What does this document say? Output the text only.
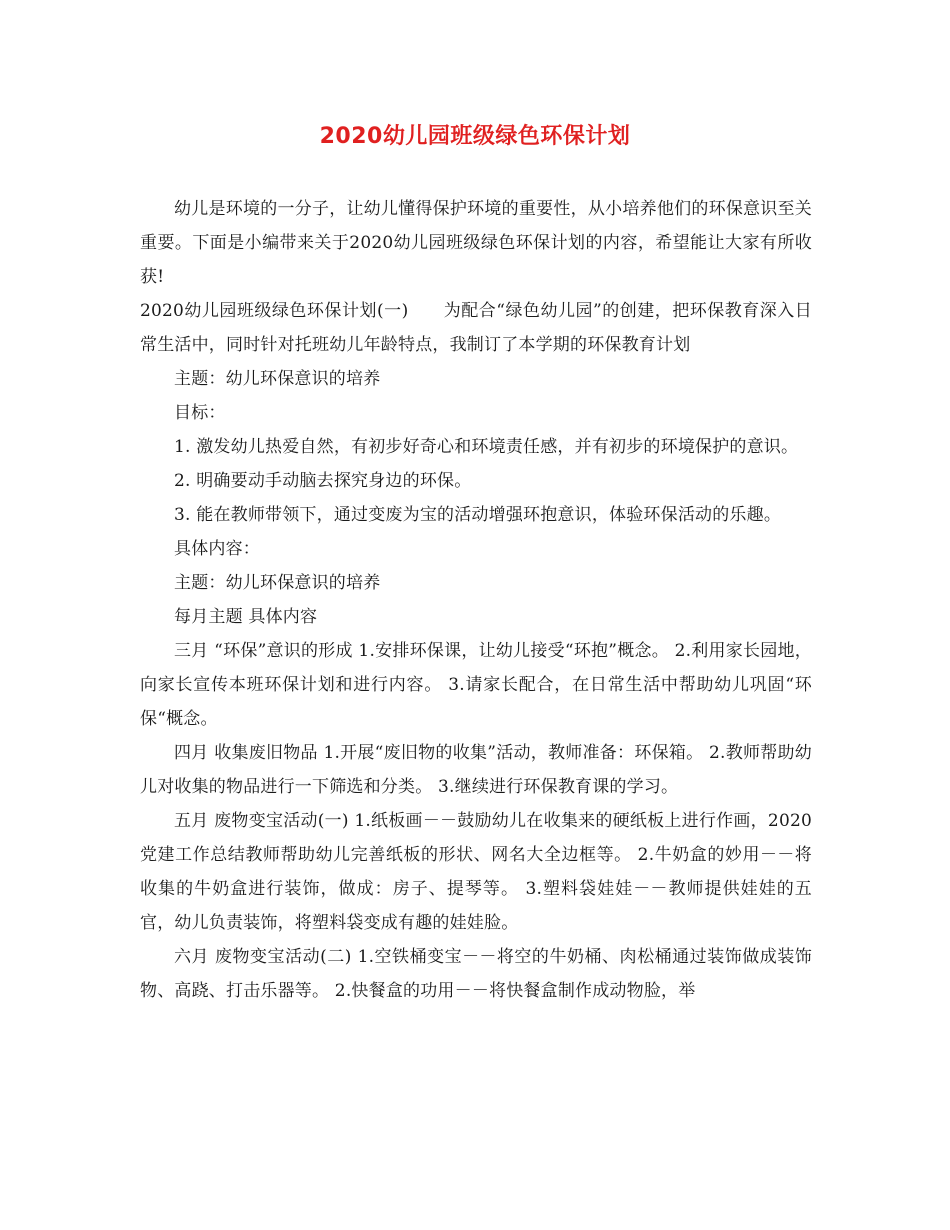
2020幼儿园班级绿色环保计划

幼儿是环境的一分子，让幼儿懂得保护环境的重要性，从小培养他们的环保意识至关重要。下面是小编带来关于2020幼儿园班级绿色环保计划的内容，希望能让大家有所收获!

2020幼儿园班级绿色环保计划(一)　　为配合“绿色幼儿园”的创建，把环保教育深入日常生活中，同时针对托班幼儿年龄特点，我制订了本学期的环保教育计划

主题：幼儿环保意识的培养

目标：

1. 激发幼儿热爱自然，有初步好奇心和环境责任感，并有初步的环境保护的意识。

2. 明确要动手动脑去探究身边的环保。

3. 能在教师带领下，通过变废为宝的活动增强环抱意识，体验环保活动的乐趣。

具体内容：

主题：幼儿环保意识的培养

每月主题 具体内容

三月 “环保”意识的形成 1.安排环保课，让幼儿接受“环抱”概念。 2.利用家长园地，向家长宣传本班环保计划和进行内容。 3.请家长配合，在日常生活中帮助幼儿巩固“环保“概念。

四月 收集废旧物品 1.开展“废旧物的收集”活动，教师准备：环保箱。 2.教师帮助幼儿对收集的物品进行一下筛选和分类。 3.继续进行环保教育课的学习。

五月 废物变宝活动(一) 1.纸板画－－鼓励幼儿在收集来的硬纸板上进行作画，2020党建工作总结教师帮助幼儿完善纸板的形状、网名大全边框等。 2.牛奶盒的妙用－－将收集的牛奶盒进行装饰，做成：房子、提琴等。 3.塑料袋娃娃－－教师提供娃娃的五官，幼儿负责装饰，将塑料袋变成有趣的娃娃脸。

六月 废物变宝活动(二) 1.空铁桶变宝－－将空的牛奶桶、肉松桶通过装饰做成装饰物、高跷、打击乐器等。 2.快餐盒的功用－－将快餐盒制作成动物脸，举
